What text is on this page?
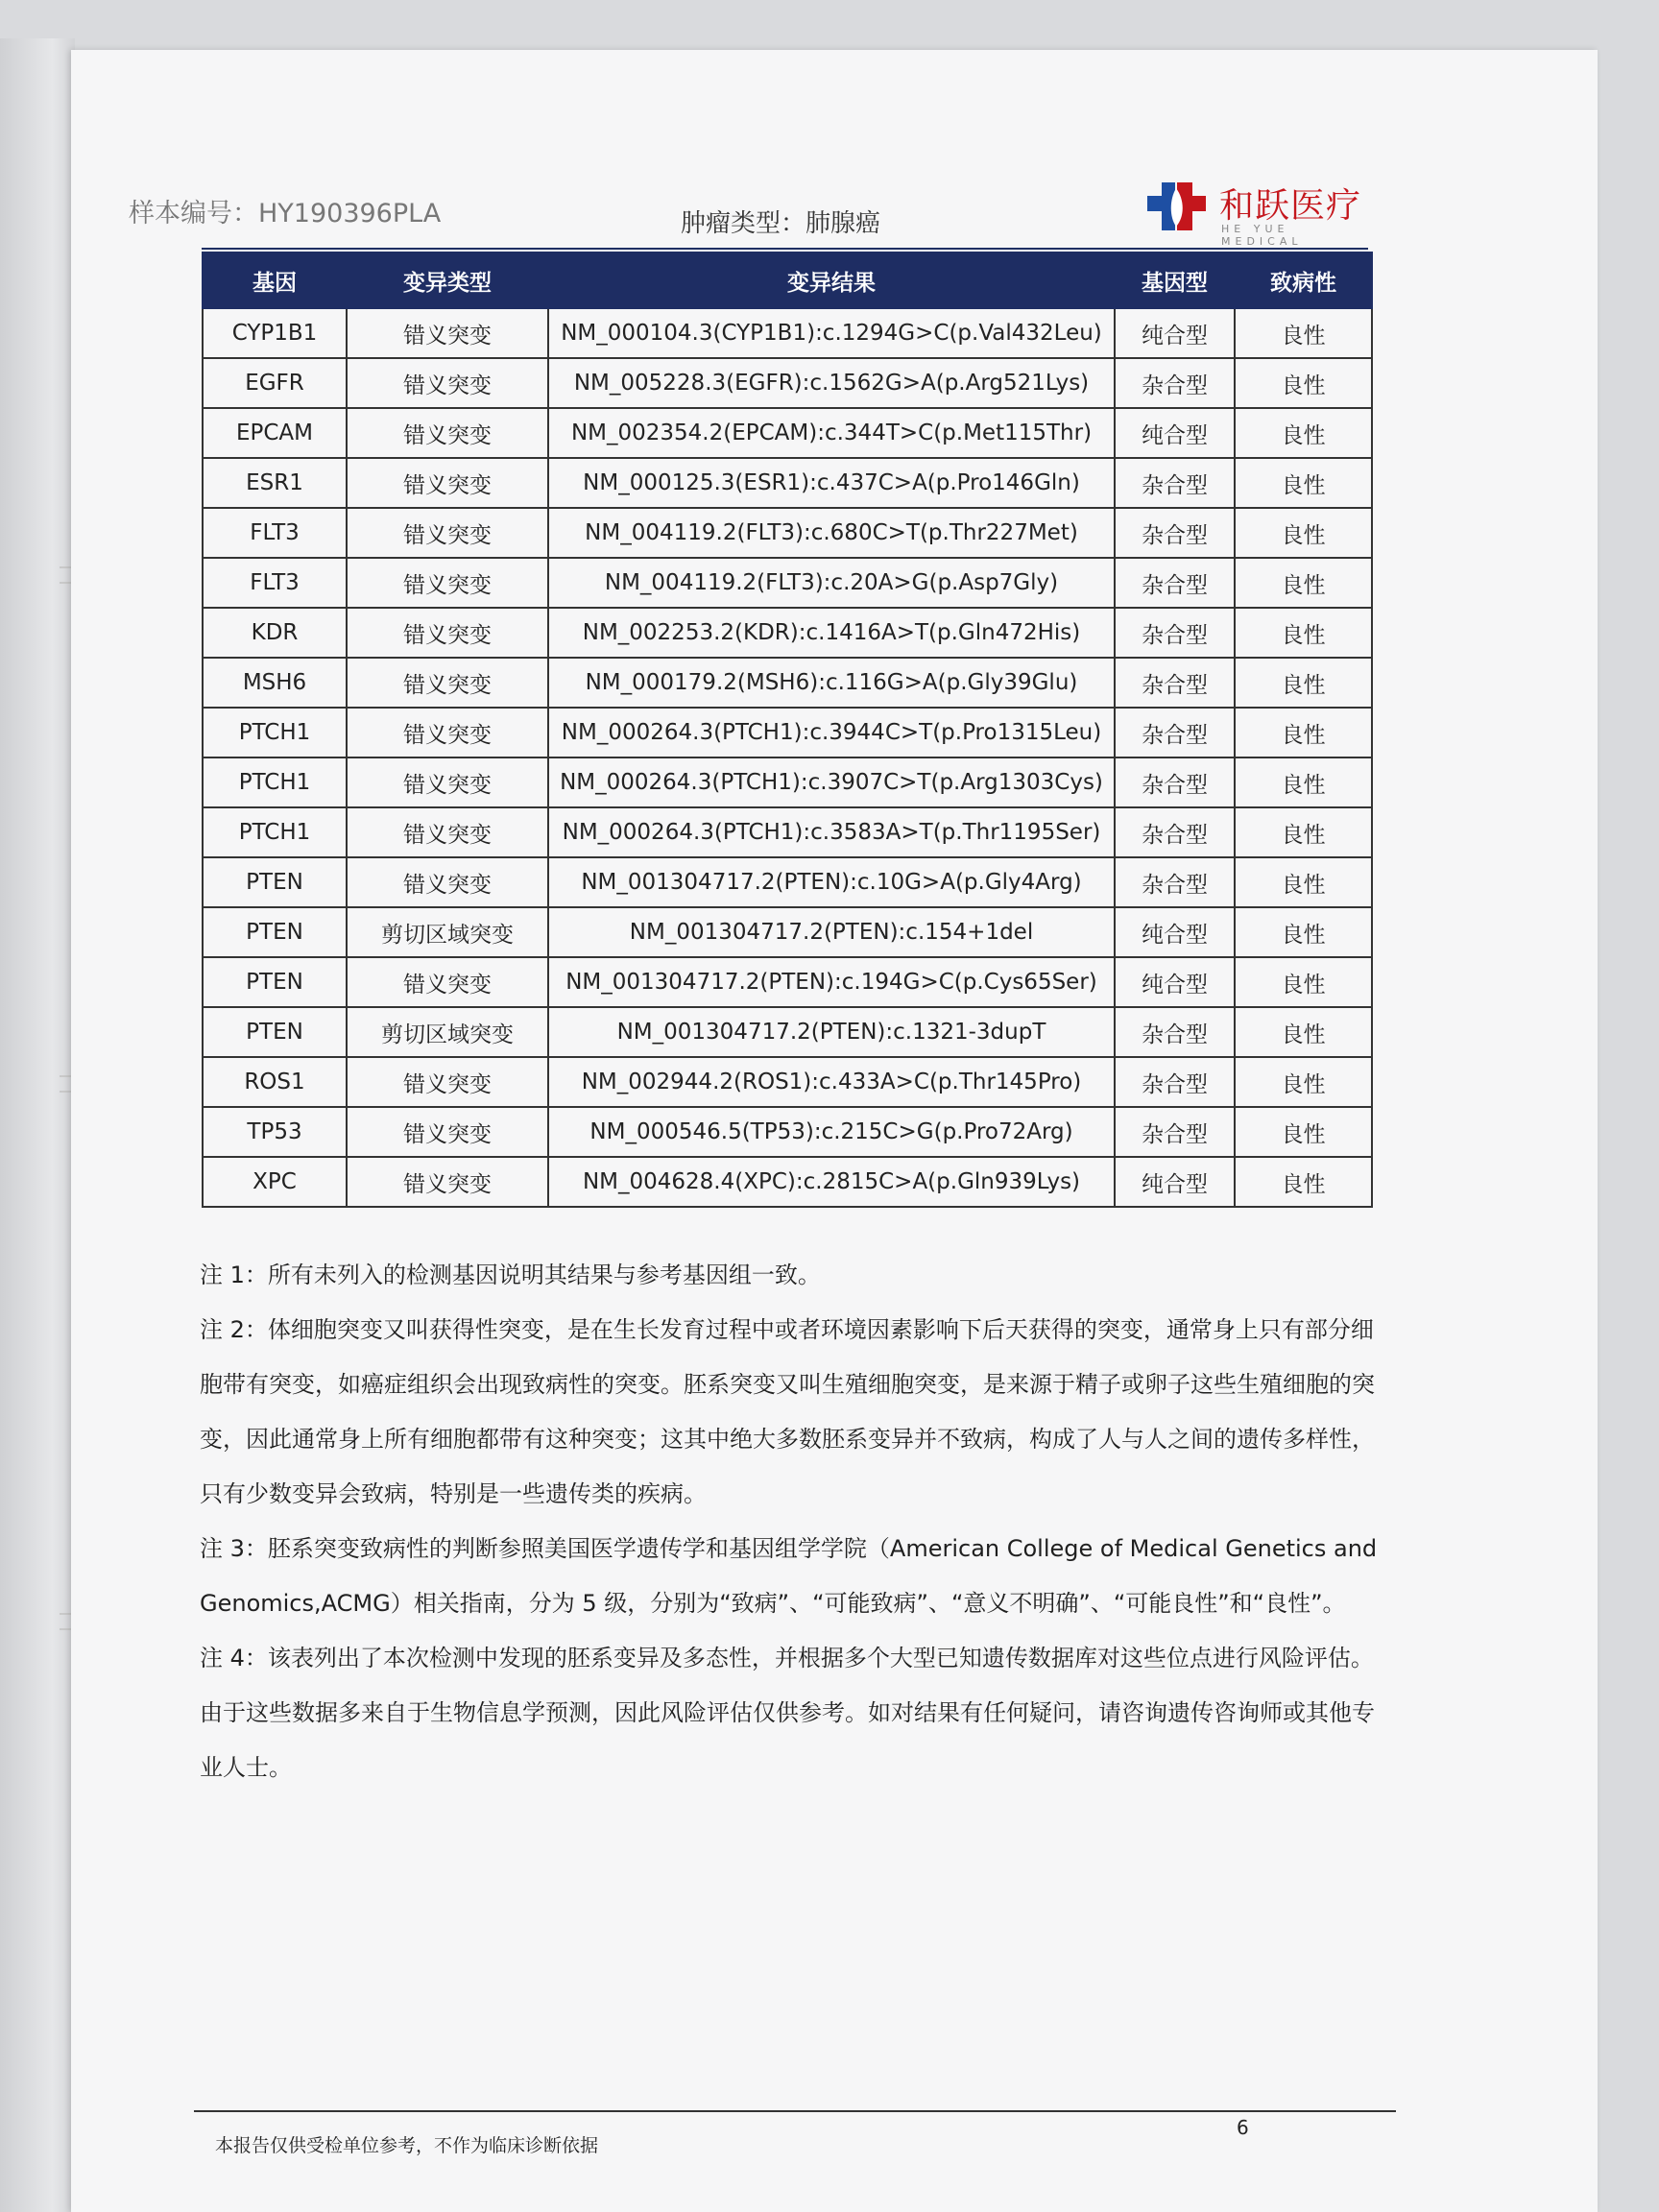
样本编号：HY190396PLA	肿瘤类型：肺腺癌	和跃医疗
HE YUE MEDICAL
基因	变异类型	变异结果	基因型	致病性
CYP1B1	错义突变	NM_000104.3(CYP1B1):c.1294G>C(p.Val432Leu)	纯合型	良性
EGFR	错义突变	NM_005228.3(EGFR):c.1562G>A(p.Arg521Lys)	杂合型	良性
EPCAM	错义突变	NM_002354.2(EPCAM):c.344T>C(p.Met115Thr)	纯合型	良性
ESR1	错义突变	NM_000125.3(ESR1):c.437C>A(p.Pro146Gln)	杂合型	良性
FLT3	错义突变	NM_004119.2(FLT3):c.680C>T(p.Thr227Met)	杂合型	良性
FLT3	错义突变	NM_004119.2(FLT3):c.20A>G(p.Asp7Gly)	杂合型	良性
KDR	错义突变	NM_002253.2(KDR):c.1416A>T(p.Gln472His)	杂合型	良性
MSH6	错义突变	NM_000179.2(MSH6):c.116G>A(p.Gly39Glu)	杂合型	良性
PTCH1	错义突变	NM_000264.3(PTCH1):c.3944C>T(p.Pro1315Leu)	杂合型	良性
PTCH1	错义突变	NM_000264.3(PTCH1):c.3907C>T(p.Arg1303Cys)	杂合型	良性
PTCH1	错义突变	NM_000264.3(PTCH1):c.3583A>T(p.Thr1195Ser)	杂合型	良性
PTEN	错义突变	NM_001304717.2(PTEN):c.10G>A(p.Gly4Arg)	杂合型	良性
PTEN	剪切区域突变	NM_001304717.2(PTEN):c.154+1del	纯合型	良性
PTEN	错义突变	NM_001304717.2(PTEN):c.194G>C(p.Cys65Ser)	纯合型	良性
PTEN	剪切区域突变	NM_001304717.2(PTEN):c.1321-3dupT	杂合型	良性
ROS1	错义突变	NM_002944.2(ROS1):c.433A>C(p.Thr145Pro)	杂合型	良性
TP53	错义突变	NM_000546.5(TP53):c.215C>G(p.Pro72Arg)	杂合型	良性
XPC	错义突变	NM_004628.4(XPC):c.2815C>A(p.Gln939Lys)	纯合型	良性

注 1：所有未列入的检测基因说明其结果与参考基因组一致。

注 2：体细胞突变又叫获得性突变，是在生长发育过程中或者环境因素影响下后天获得的突变，通常身上只有部分细胞带有突变，如癌症组织会出现致病性的突变。胚系突变又叫生殖细胞突变，是来源于精子或卵子这些生殖细胞的突变，因此通常身上所有细胞都带有这种突变；这其中绝大多数胚系变异并不致病，构成了人与人之间的遗传多样性，只有少数变异会致病，特别是一些遗传类的疾病。

注 3：胚系突变致病性的判断参照美国医学遗传学和基因组学学院（American College of Medical Genetics and Genomics,ACMG）相关指南，分为 5 级，分别为“致病”、“可能致病”、“意义不明确”、“可能良性”和“良性”。

注 4：该表列出了本次检测中发现的胚系变异及多态性，并根据多个大型已知遗传数据库对这些位点进行风险评估。由于这些数据多来自于生物信息学预测，因此风险评估仅供参考。如对结果有任何疑问，请咨询遗传咨询师或其他专业人士。

本报告仅供受检单位参考，不作为临床诊断依据
6
